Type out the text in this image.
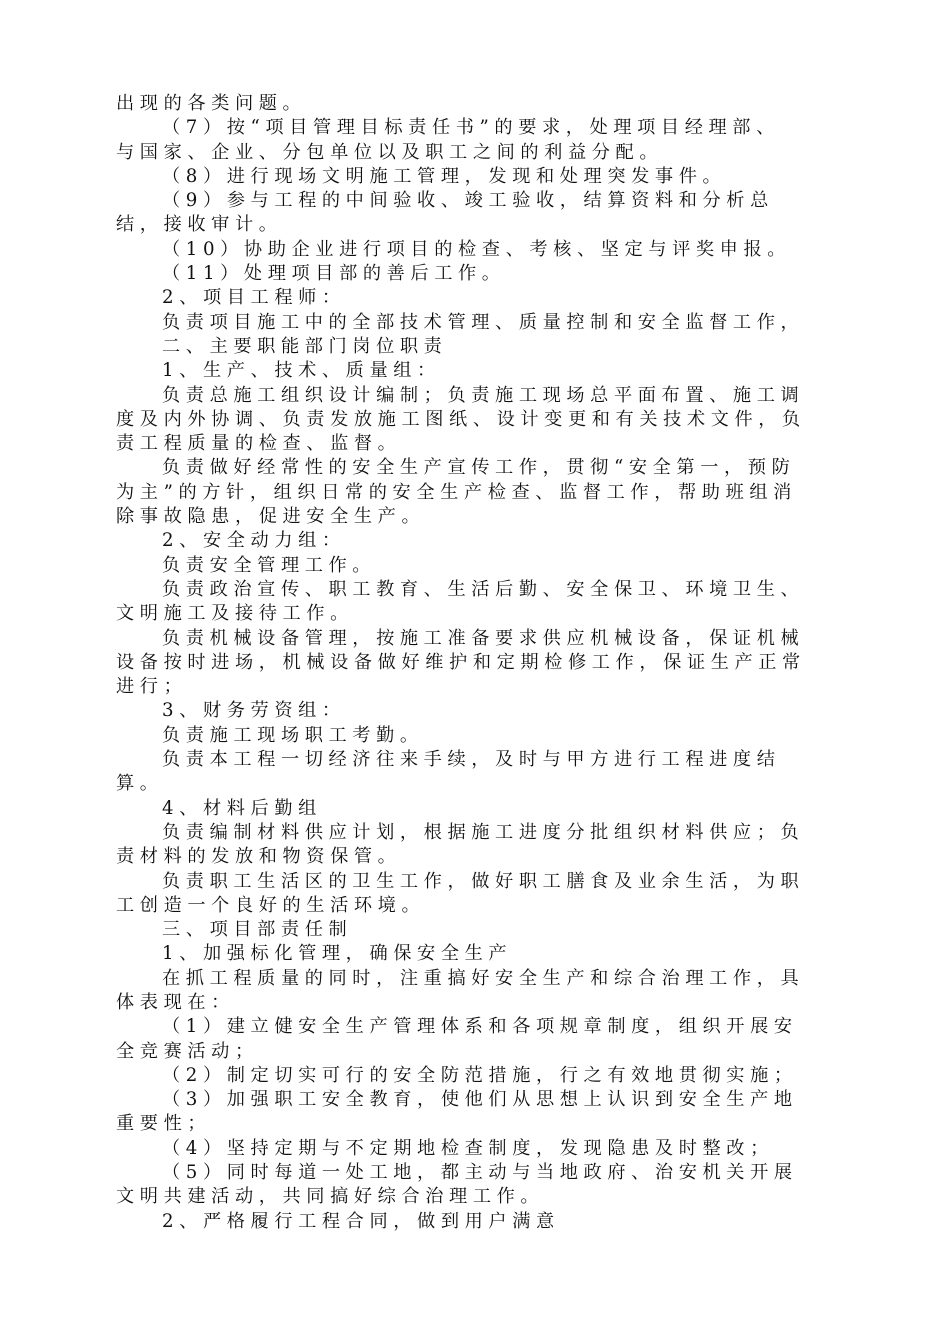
出现的各类问题。
（7）按“项目管理目标责任书”的要求，处理项目经理部、
与国家、企业、分包单位以及职工之间的利益分配。
（8）进行现场文明施工管理，发现和处理突发事件。
（9）参与工程的中间验收、竣工验收，结算资料和分析总
结，接收审计。
（10）协助企业进行项目的检查、考核、坚定与评奖申报。
（11）处理项目部的善后工作。
2、项目工程师：
负责项目施工中的全部技术管理、质量控制和安全监督工作，
二、主要职能部门岗位职责
1、生产、技术、质量组：
负责总施工组织设计编制；负责施工现场总平面布置、施工调
度及内外协调、负责发放施工图纸、设计变更和有关技术文件，负
责工程质量的检查、监督。
负责做好经常性的安全生产宣传工作，贯彻“安全第一，预防
为主”的方针，组织日常的安全生产检查、监督工作，帮助班组消
除事故隐患，促进安全生产。
2、安全动力组：
负责安全管理工作。
负责政治宣传、职工教育、生活后勤、安全保卫、环境卫生、
文明施工及接待工作。
负责机械设备管理，按施工准备要求供应机械设备，保证机械
设备按时进场，机械设备做好维护和定期检修工作，保证生产正常
进行；
3、财务劳资组：
负责施工现场职工考勤。
负责本工程一切经济往来手续，及时与甲方进行工程进度结
算。
4、材料后勤组
负责编制材料供应计划，根据施工进度分批组织材料供应；负
责材料的发放和物资保管。
负责职工生活区的卫生工作，做好职工膳食及业余生活，为职
工创造一个良好的生活环境。
三、项目部责任制
1、加强标化管理，确保安全生产
在抓工程质量的同时，注重搞好安全生产和综合治理工作，具
体表现在：
（1）建立健安全生产管理体系和各项规章制度，组织开展安
全竞赛活动；
（2）制定切实可行的安全防范措施，行之有效地贯彻实施；
（3）加强职工安全教育，使他们从思想上认识到安全生产地
重要性；
（4）坚持定期与不定期地检查制度，发现隐患及时整改；
（5）同时每道一处工地，都主动与当地政府、治安机关开展
文明共建活动，共同搞好综合治理工作。
2、严格履行工程合同，做到用户满意
